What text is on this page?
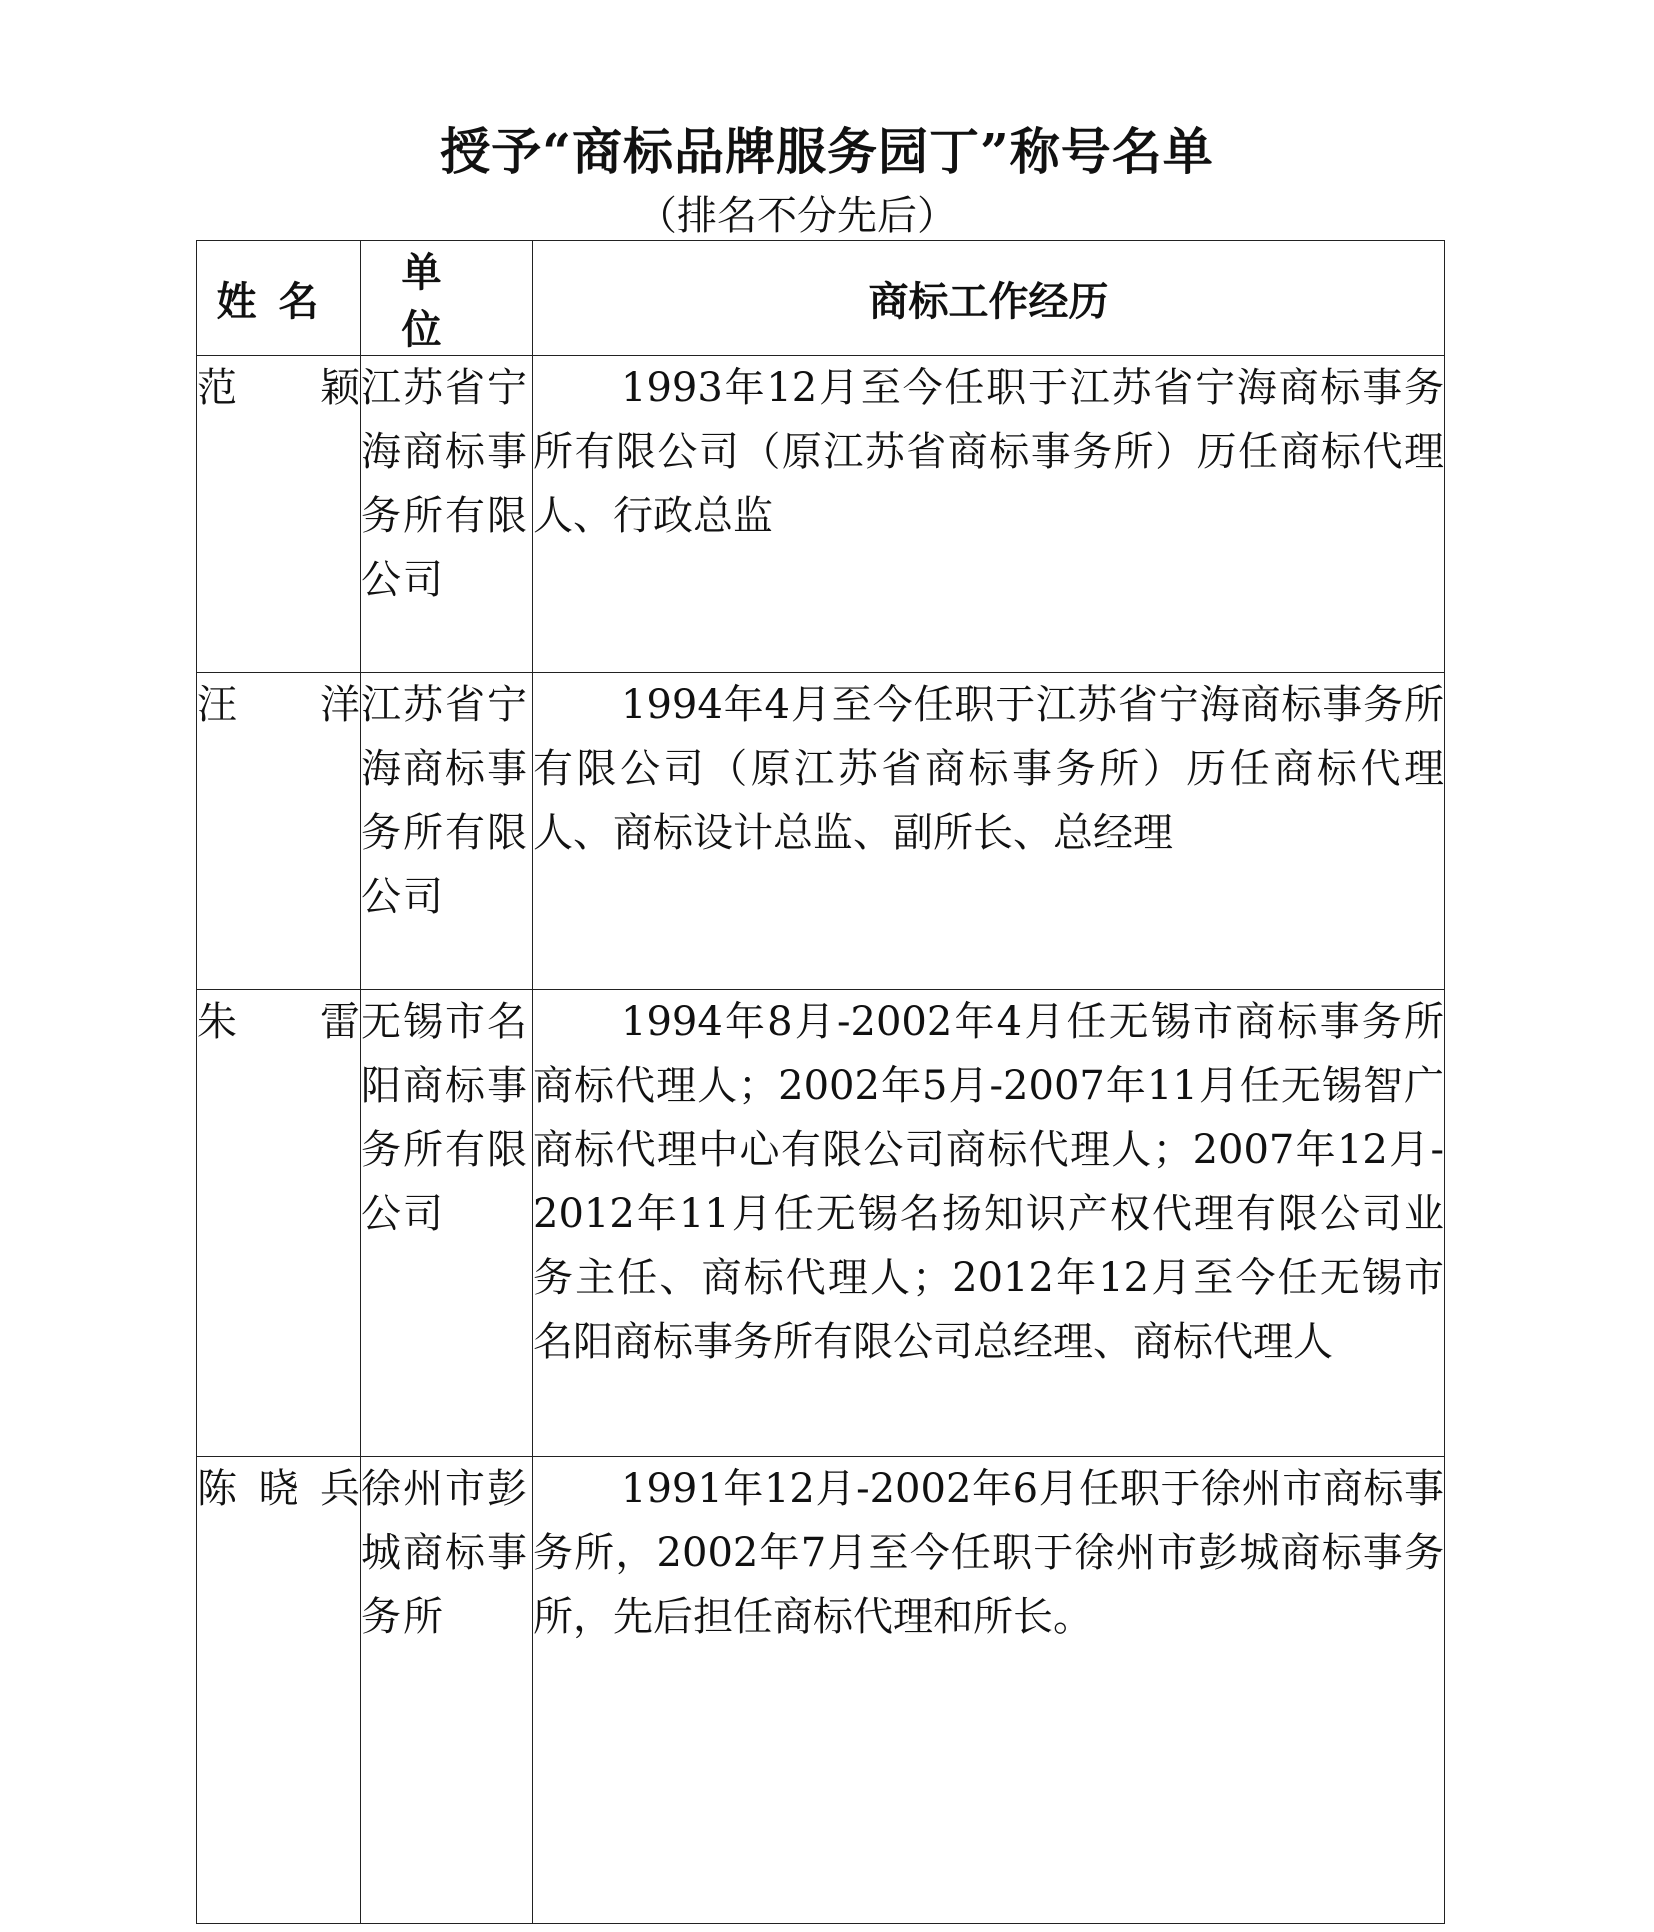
授予“商标品牌服务园丁”称号名单

（排名不分先后）

姓名	单位	商标工作经历
范颖	江苏省宁海商标事务所有限公司	1993年12月至今任职于江苏省宁海商标事务所有限公司（原江苏省商标事务所）历任商标代理人、行政总监
汪洋	江苏省宁海商标事务所有限公司	1994年4月至今任职于江苏省宁海商标事务所有限公司（原江苏省商标事务所）历任商标代理人、商标设计总监、副所长、总经理
朱雷	无锡市名阳商标事务所有限公司	1994年8月-2002年4月任无锡市商标事务所商标代理人；2002年5月-2007年11月任无锡智广商标代理中心有限公司商标代理人；2007年12月-2012年11月任无锡名扬知识产权代理有限公司业务主任、商标代理人；2012年12月至今任无锡市名阳商标事务所有限公司总经理、商标代理人
陈晓兵	徐州市彭城商标事务所	1991年12月-2002年6月任职于徐州市商标事务所，2002年7月至今任职于徐州市彭城商标事务所，先后担任商标代理和所长。
